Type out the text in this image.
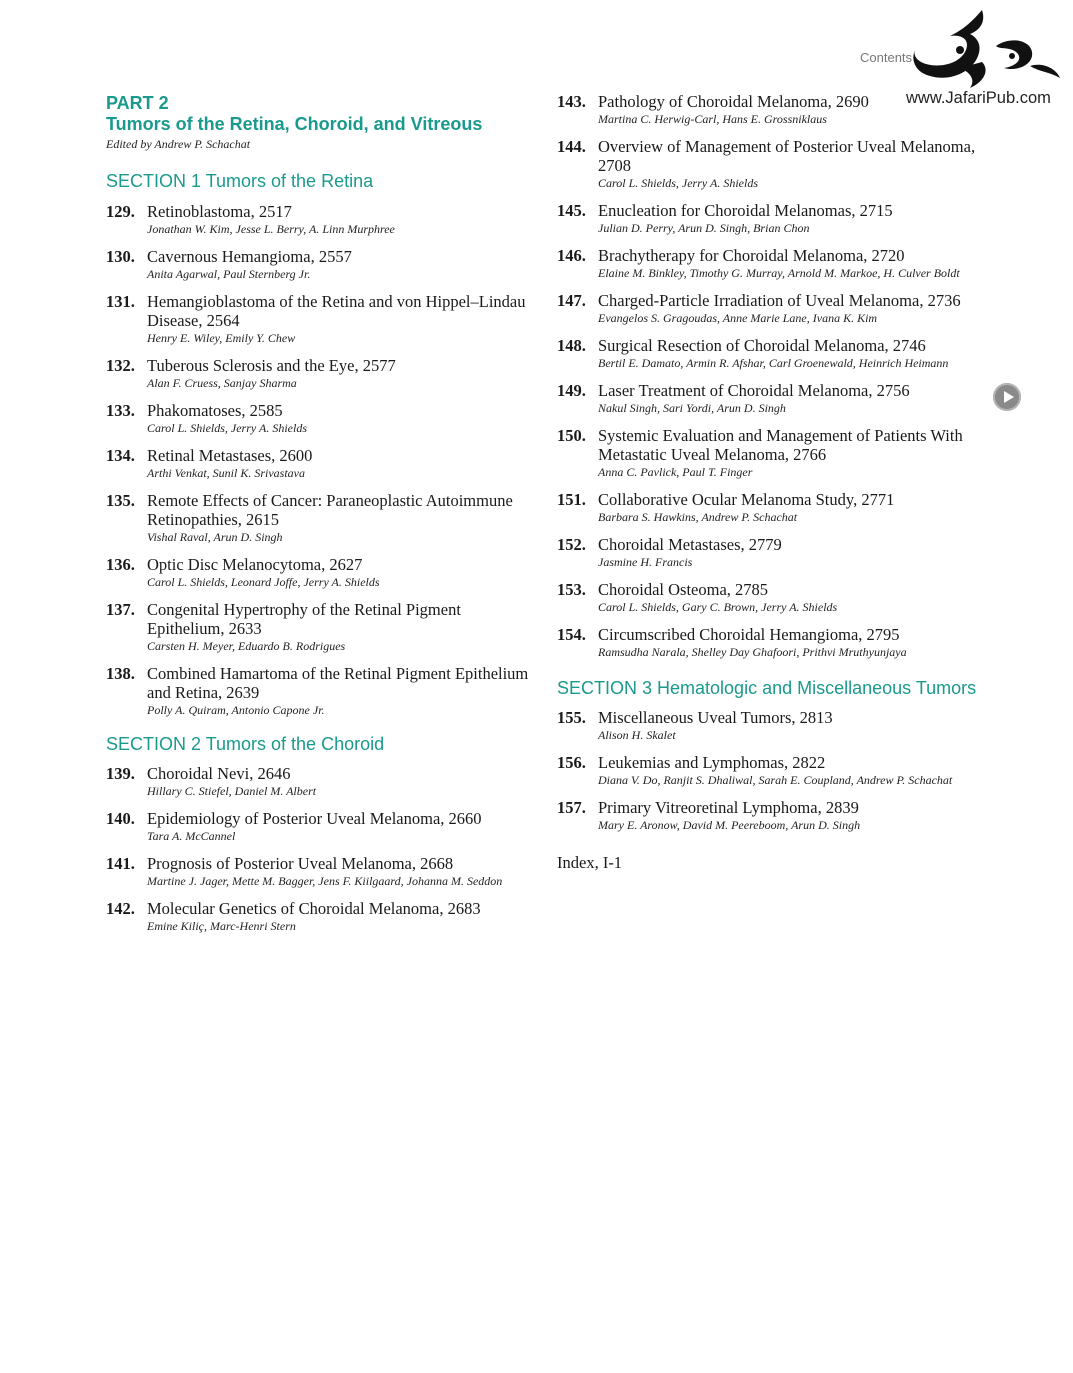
Contents
www.JafariPub.com
PART 2
Tumors of the Retina, Choroid, and Vitreous
Edited by Andrew P. Schachat
SECTION 1 Tumors of the Retina
129. Retinoblastoma, 2517
Jonathan W. Kim, Jesse L. Berry, A. Linn Murphree
130. Cavernous Hemangioma, 2557
Anita Agarwal, Paul Sternberg Jr.
131. Hemangioblastoma of the Retina and von Hippel–Lindau Disease, 2564
Henry E. Wiley, Emily Y. Chew
132. Tuberous Sclerosis and the Eye, 2577
Alan F. Cruess, Sanjay Sharma
133. Phakomatoses, 2585
Carol L. Shields, Jerry A. Shields
134. Retinal Metastases, 2600
Arthi Venkat, Sunil K. Srivastava
135. Remote Effects of Cancer: Paraneoplastic Autoimmune Retinopathies, 2615
Vishal Raval, Arun D. Singh
136. Optic Disc Melanocytoma, 2627
Carol L. Shields, Leonard Joffe, Jerry A. Shields
137. Congenital Hypertrophy of the Retinal Pigment Epithelium, 2633
Carsten H. Meyer, Eduardo B. Rodrigues
138. Combined Hamartoma of the Retinal Pigment Epithelium and Retina, 2639
Polly A. Quiram, Antonio Capone Jr.
SECTION 2 Tumors of the Choroid
139. Choroidal Nevi, 2646
Hillary C. Stiefel, Daniel M. Albert
140. Epidemiology of Posterior Uveal Melanoma, 2660
Tara A. McCannel
141. Prognosis of Posterior Uveal Melanoma, 2668
Martine J. Jager, Mette M. Bagger, Jens F. Kiilgaard, Johanna M. Seddon
142. Molecular Genetics of Choroidal Melanoma, 2683
Emine Kiliç, Marc-Henri Stern
143. Pathology of Choroidal Melanoma, 2690
Martina C. Herwig-Carl, Hans E. Grossniklaus
144. Overview of Management of Posterior Uveal Melanoma, 2708
Carol L. Shields, Jerry A. Shields
145. Enucleation for Choroidal Melanomas, 2715
Julian D. Perry, Arun D. Singh, Brian Chon
146. Brachytherapy for Choroidal Melanoma, 2720
Elaine M. Binkley, Timothy G. Murray, Arnold M. Markoe, H. Culver Boldt
147. Charged-Particle Irradiation of Uveal Melanoma, 2736
Evangelos S. Gragoudas, Anne Marie Lane, Ivana K. Kim
148. Surgical Resection of Choroidal Melanoma, 2746
Bertil E. Damato, Armin R. Afshar, Carl Groenewald, Heinrich Heimann
149. Laser Treatment of Choroidal Melanoma, 2756
Nakul Singh, Sari Yordi, Arun D. Singh
150. Systemic Evaluation and Management of Patients With Metastatic Uveal Melanoma, 2766
Anna C. Pavlick, Paul T. Finger
151. Collaborative Ocular Melanoma Study, 2771
Barbara S. Hawkins, Andrew P. Schachat
152. Choroidal Metastases, 2779
Jasmine H. Francis
153. Choroidal Osteoma, 2785
Carol L. Shields, Gary C. Brown, Jerry A. Shields
154. Circumscribed Choroidal Hemangioma, 2795
Ramsudha Narala, Shelley Day Ghafoori, Prithvi Mruthyunjaya
SECTION 3 Hematologic and Miscellaneous Tumors
155. Miscellaneous Uveal Tumors, 2813
Alison H. Skalet
156. Leukemias and Lymphomas, 2822
Diana V. Do, Ranjit S. Dhaliwal, Sarah E. Coupland, Andrew P. Schachat
157. Primary Vitreoretinal Lymphoma, 2839
Mary E. Aronow, David M. Peereboom, Arun D. Singh
Index, I-1
